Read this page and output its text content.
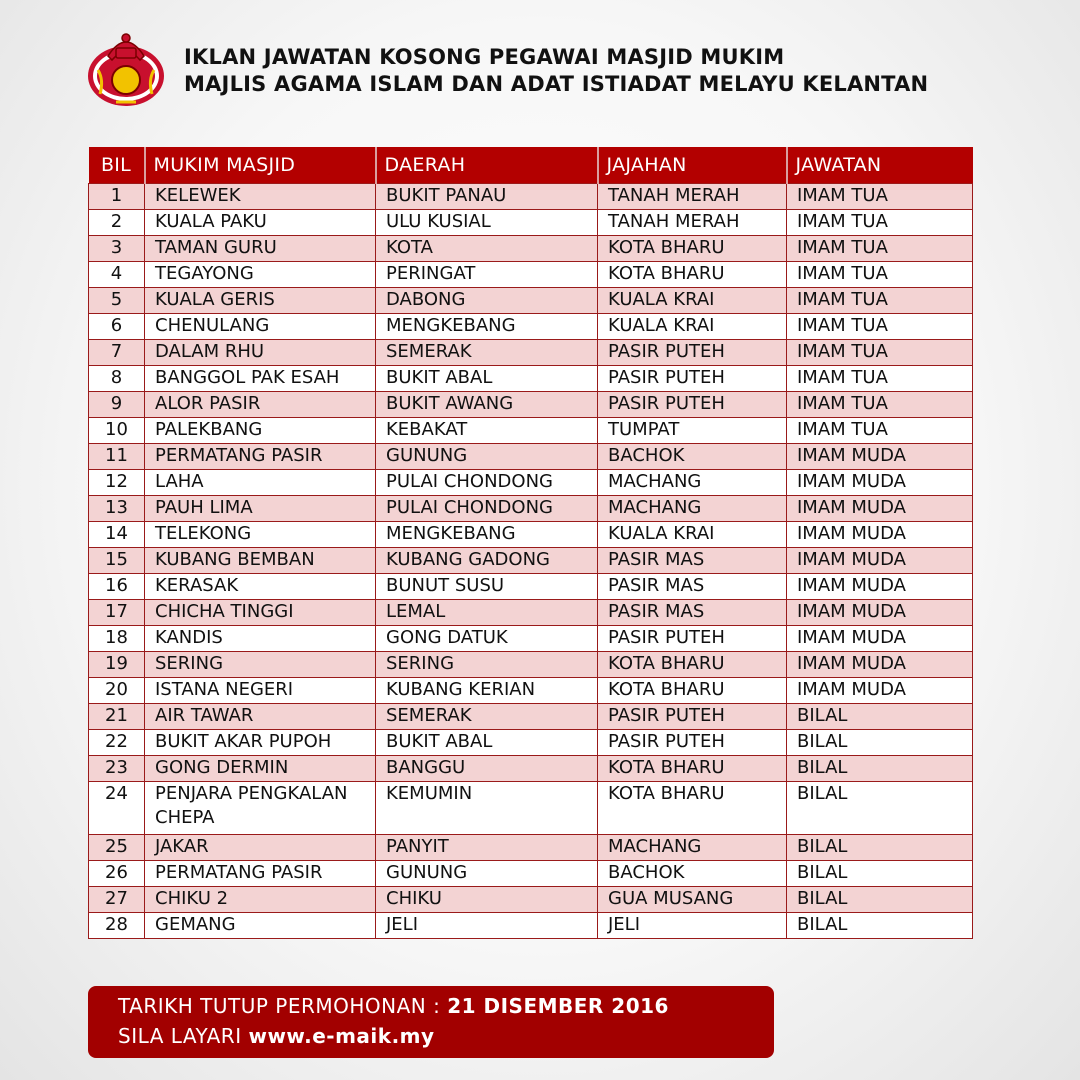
IKLAN JAWATAN KOSONG PEGAWAI MASJID MUKIM
MAJLIS AGAMA ISLAM DAN ADAT ISTIADAT MELAYU KELANTAN
BIL	MUKIM MASJID	DAERAH	JAJAHAN	JAWATAN
1	KELEWEK	BUKIT PANAU	TANAH MERAH	IMAM TUA
2	KUALA PAKU	ULU KUSIAL	TANAH MERAH	IMAM TUA
3	TAMAN GURU	KOTA	KOTA BHARU	IMAM TUA
4	TEGAYONG	PERINGAT	KOTA BHARU	IMAM TUA
5	KUALA GERIS	DABONG	KUALA KRAI	IMAM TUA
6	CHENULANG	MENGKEBANG	KUALA KRAI	IMAM TUA
7	DALAM RHU	SEMERAK	PASIR PUTEH	IMAM TUA
8	BANGGOL PAK ESAH	BUKIT ABAL	PASIR PUTEH	IMAM TUA
9	ALOR PASIR	BUKIT AWANG	PASIR PUTEH	IMAM TUA
10	PALEKBANG	KEBAKAT	TUMPAT	IMAM TUA
11	PERMATANG PASIR	GUNUNG	BACHOK	IMAM MUDA
12	LAHA	PULAI CHONDONG	MACHANG	IMAM MUDA
13	PAUH LIMA	PULAI CHONDONG	MACHANG	IMAM MUDA
14	TELEKONG	MENGKEBANG	KUALA KRAI	IMAM MUDA
15	KUBANG BEMBAN	KUBANG GADONG	PASIR MAS	IMAM MUDA
16	KERASAK	BUNUT SUSU	PASIR MAS	IMAM MUDA
17	CHICHA TINGGI	LEMAL	PASIR MAS	IMAM MUDA
18	KANDIS	GONG DATUK	PASIR PUTEH	IMAM MUDA
19	SERING	SERING	KOTA BHARU	IMAM MUDA
20	ISTANA NEGERI	KUBANG KERIAN	KOTA BHARU	IMAM MUDA
21	AIR TAWAR	SEMERAK	PASIR PUTEH	BILAL
22	BUKIT AKAR PUPOH	BUKIT ABAL	PASIR PUTEH	BILAL
23	GONG DERMIN	BANGGU	KOTA BHARU	BILAL
24	PENJARA PENGKALAN CHEPA	KEMUMIN	KOTA BHARU	BILAL
25	JAKAR	PANYIT	MACHANG	BILAL
26	PERMATANG PASIR	GUNUNG	BACHOK	BILAL
27	CHIKU 2	CHIKU	GUA MUSANG	BILAL
28	GEMANG	JELI	JELI	BILAL
TARIKH TUTUP PERMOHONAN : 21 DISEMBER 2016
SILA LAYARI www.e-maik.my
